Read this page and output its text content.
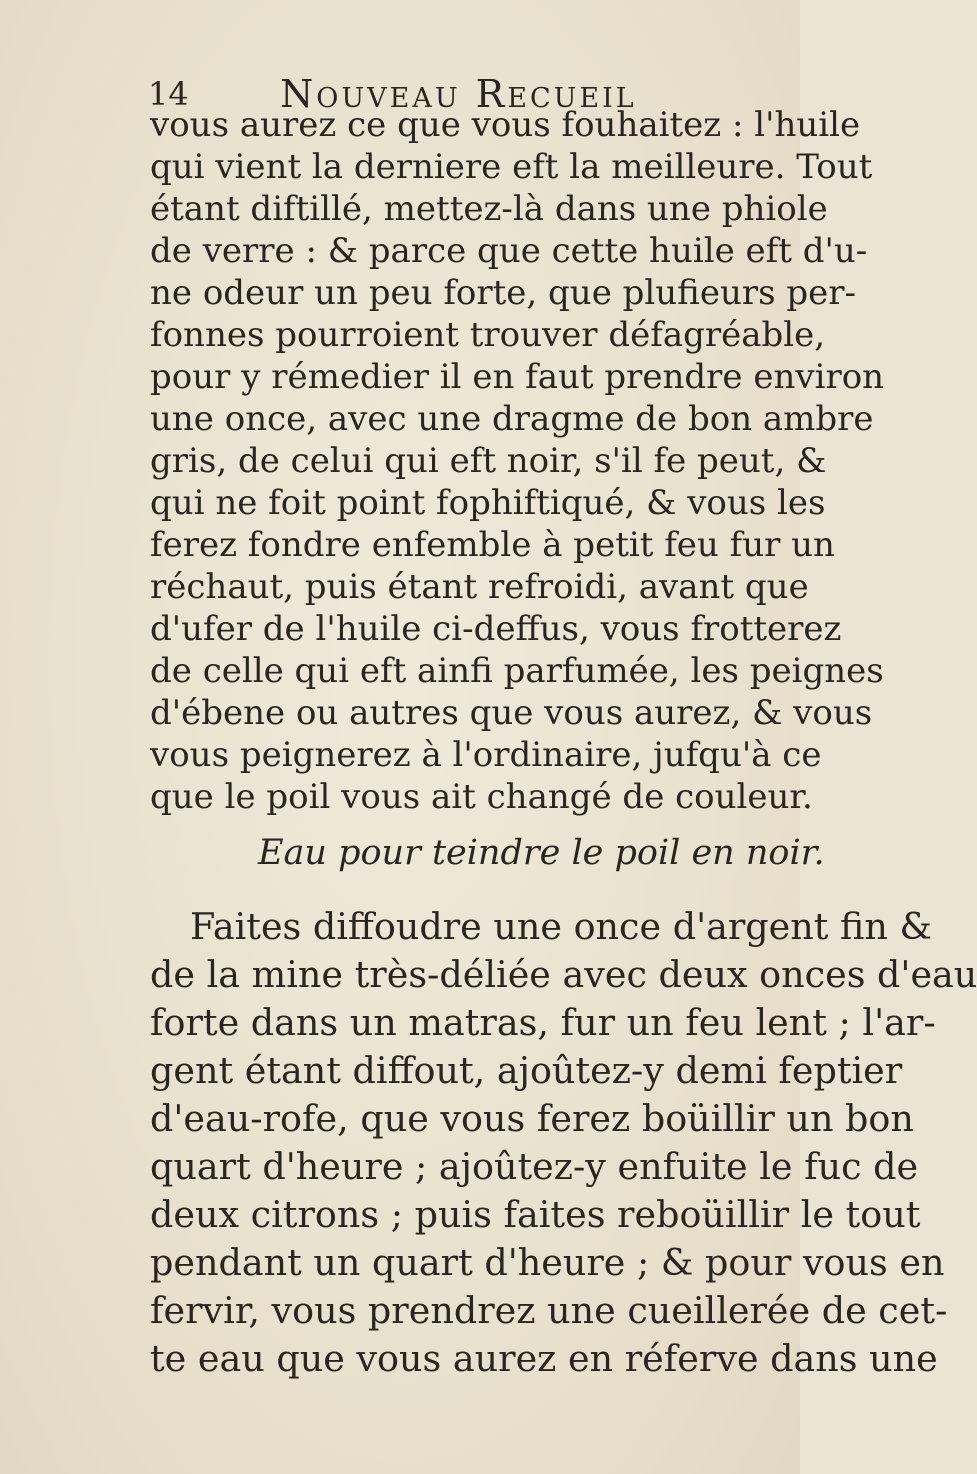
14 Nouveau Recueil
vous aurez ce que vous fouhaitez : l'huile
qui vient la derniere eft la meilleure. Tout
étant diftillé, mettez-là dans une phiole
de verre : & parce que cette huile eft d'u-
ne odeur un peu forte, que plufieurs per-
fonnes pourroient trouver défagréable,
pour y rémedier il en faut prendre environ
une once, avec une dragme de bon ambre
gris, de celui qui eft noir, s'il fe peut, &
qui ne foit point fophiftiqué, & vous les
ferez fondre enfemble à petit feu fur un
réchaut, puis étant refroidi, avant que
d'ufer de l'huile ci-deffus, vous frotterez
de celle qui eft ainfi parfumée, les peignes
d'ébene ou autres que vous aurez, & vous
vous peignerez à l'ordinaire, jufqu'à ce
que le poil vous ait changé de couleur.
Eau pour teindre le poil en noir.
Faites diffoudre une once d'argent fin &
de la mine très-déliée avec deux onces d'eau
forte dans un matras, fur un feu lent ; l'ar-
gent étant diffout, ajoûtez-y demi feptier
d'eau-rofe, que vous ferez boüillir un bon
quart d'heure ; ajoûtez-y enfuite le fuc de
deux citrons ; puis faites reboüillir le tout
pendant un quart d'heure ; & pour vous en
fervir, vous prendrez une cueillerée de cet-
te eau que vous aurez en réferve dans une
